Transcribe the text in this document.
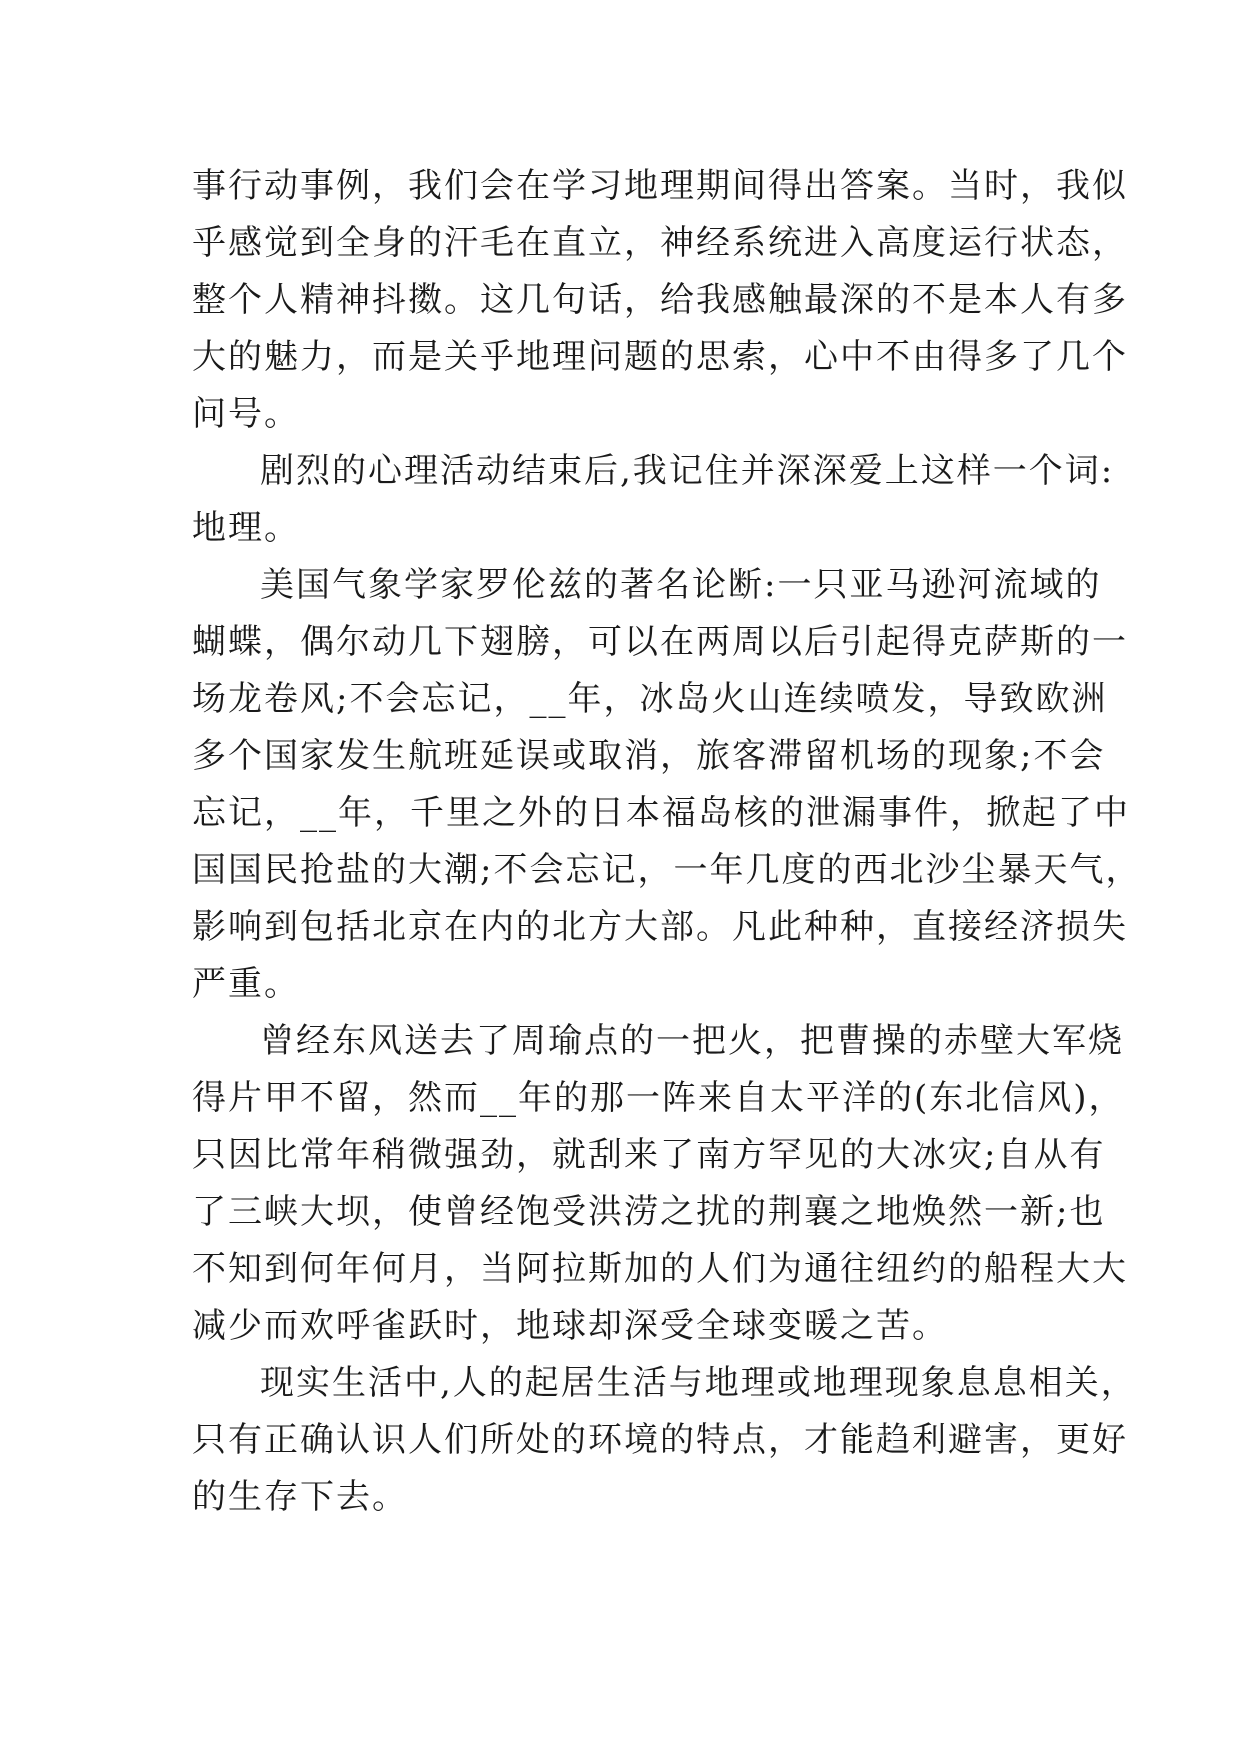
事行动事例，我们会在学习地理期间得出答案。当时，我似
乎感觉到全身的汗毛在直立，神经系统进入高度运行状态，
整个人精神抖擞。这几句话，给我感触最深的不是本人有多
大的魅力，而是关乎地理问题的思索，心中不由得多了几个
问号。

剧烈的心理活动结束后,我记住并深深爱上这样一个词:
地理。

美国气象学家罗伦兹的著名论断:一只亚马逊河流域的
蝴蝶，偶尔动几下翅膀，可以在两周以后引起得克萨斯的一
场龙卷风;不会忘记，__年，冰岛火山连续喷发，导致欧洲
多个国家发生航班延误或取消，旅客滞留机场的现象;不会
忘记，__年，千里之外的日本福岛核的泄漏事件，掀起了中
国国民抢盐的大潮;不会忘记，一年几度的西北沙尘暴天气，
影响到包括北京在内的北方大部。凡此种种，直接经济损失
严重。

曾经东风送去了周瑜点的一把火，把曹操的赤壁大军烧
得片甲不留，然而__年的那一阵来自太平洋的(东北信风)，
只因比常年稍微强劲，就刮来了南方罕见的大冰灾;自从有
了三峡大坝，使曾经饱受洪涝之扰的荆襄之地焕然一新;也
不知到何年何月，当阿拉斯加的人们为通往纽约的船程大大
减少而欢呼雀跃时，地球却深受全球变暖之苦。

现实生活中,人的起居生活与地理或地理现象息息相关，
只有正确认识人们所处的环境的特点，才能趋利避害，更好
的生存下去。
